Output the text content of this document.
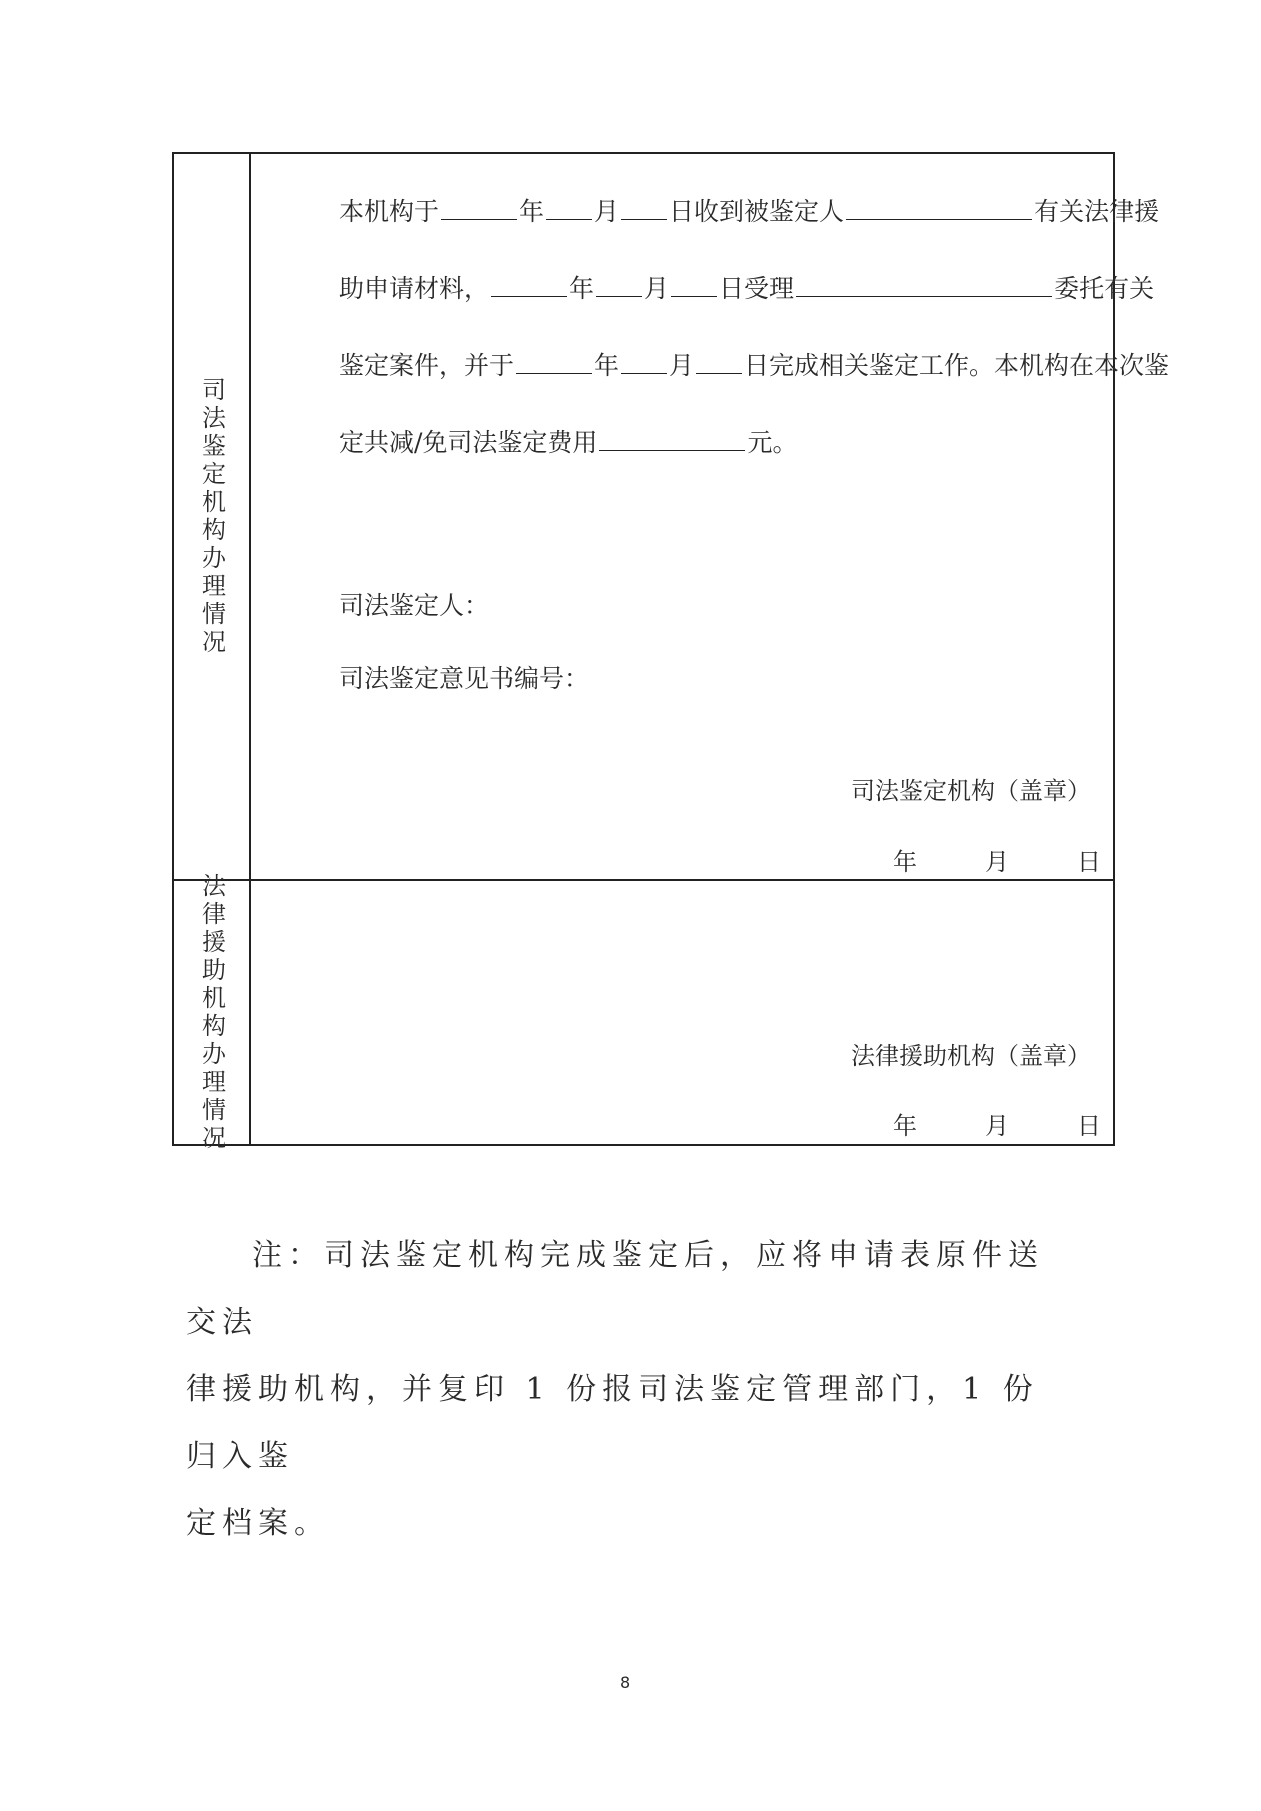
司法鉴定机构办理情况
本机构于	年 月 日收到被鉴定人	有关法律援
助申请材料，	年 月 日受理	委托有关
鉴定案件，并于	年 月 日完成相关鉴定工作。本机构在本次鉴
定共减/免司法鉴定费用	元。
司法鉴定人：
司法鉴定意见书编号：
司法鉴定机构（盖章）
年	月	日
法律援助机构办理情况	法律援助机构（盖章）
年	月	日

注：司法鉴定机构完成鉴定后，应将申请表原件送交法

律援助机构，并复印 1 份报司法鉴定管理部门，1 份归入鉴

定档案。

8
